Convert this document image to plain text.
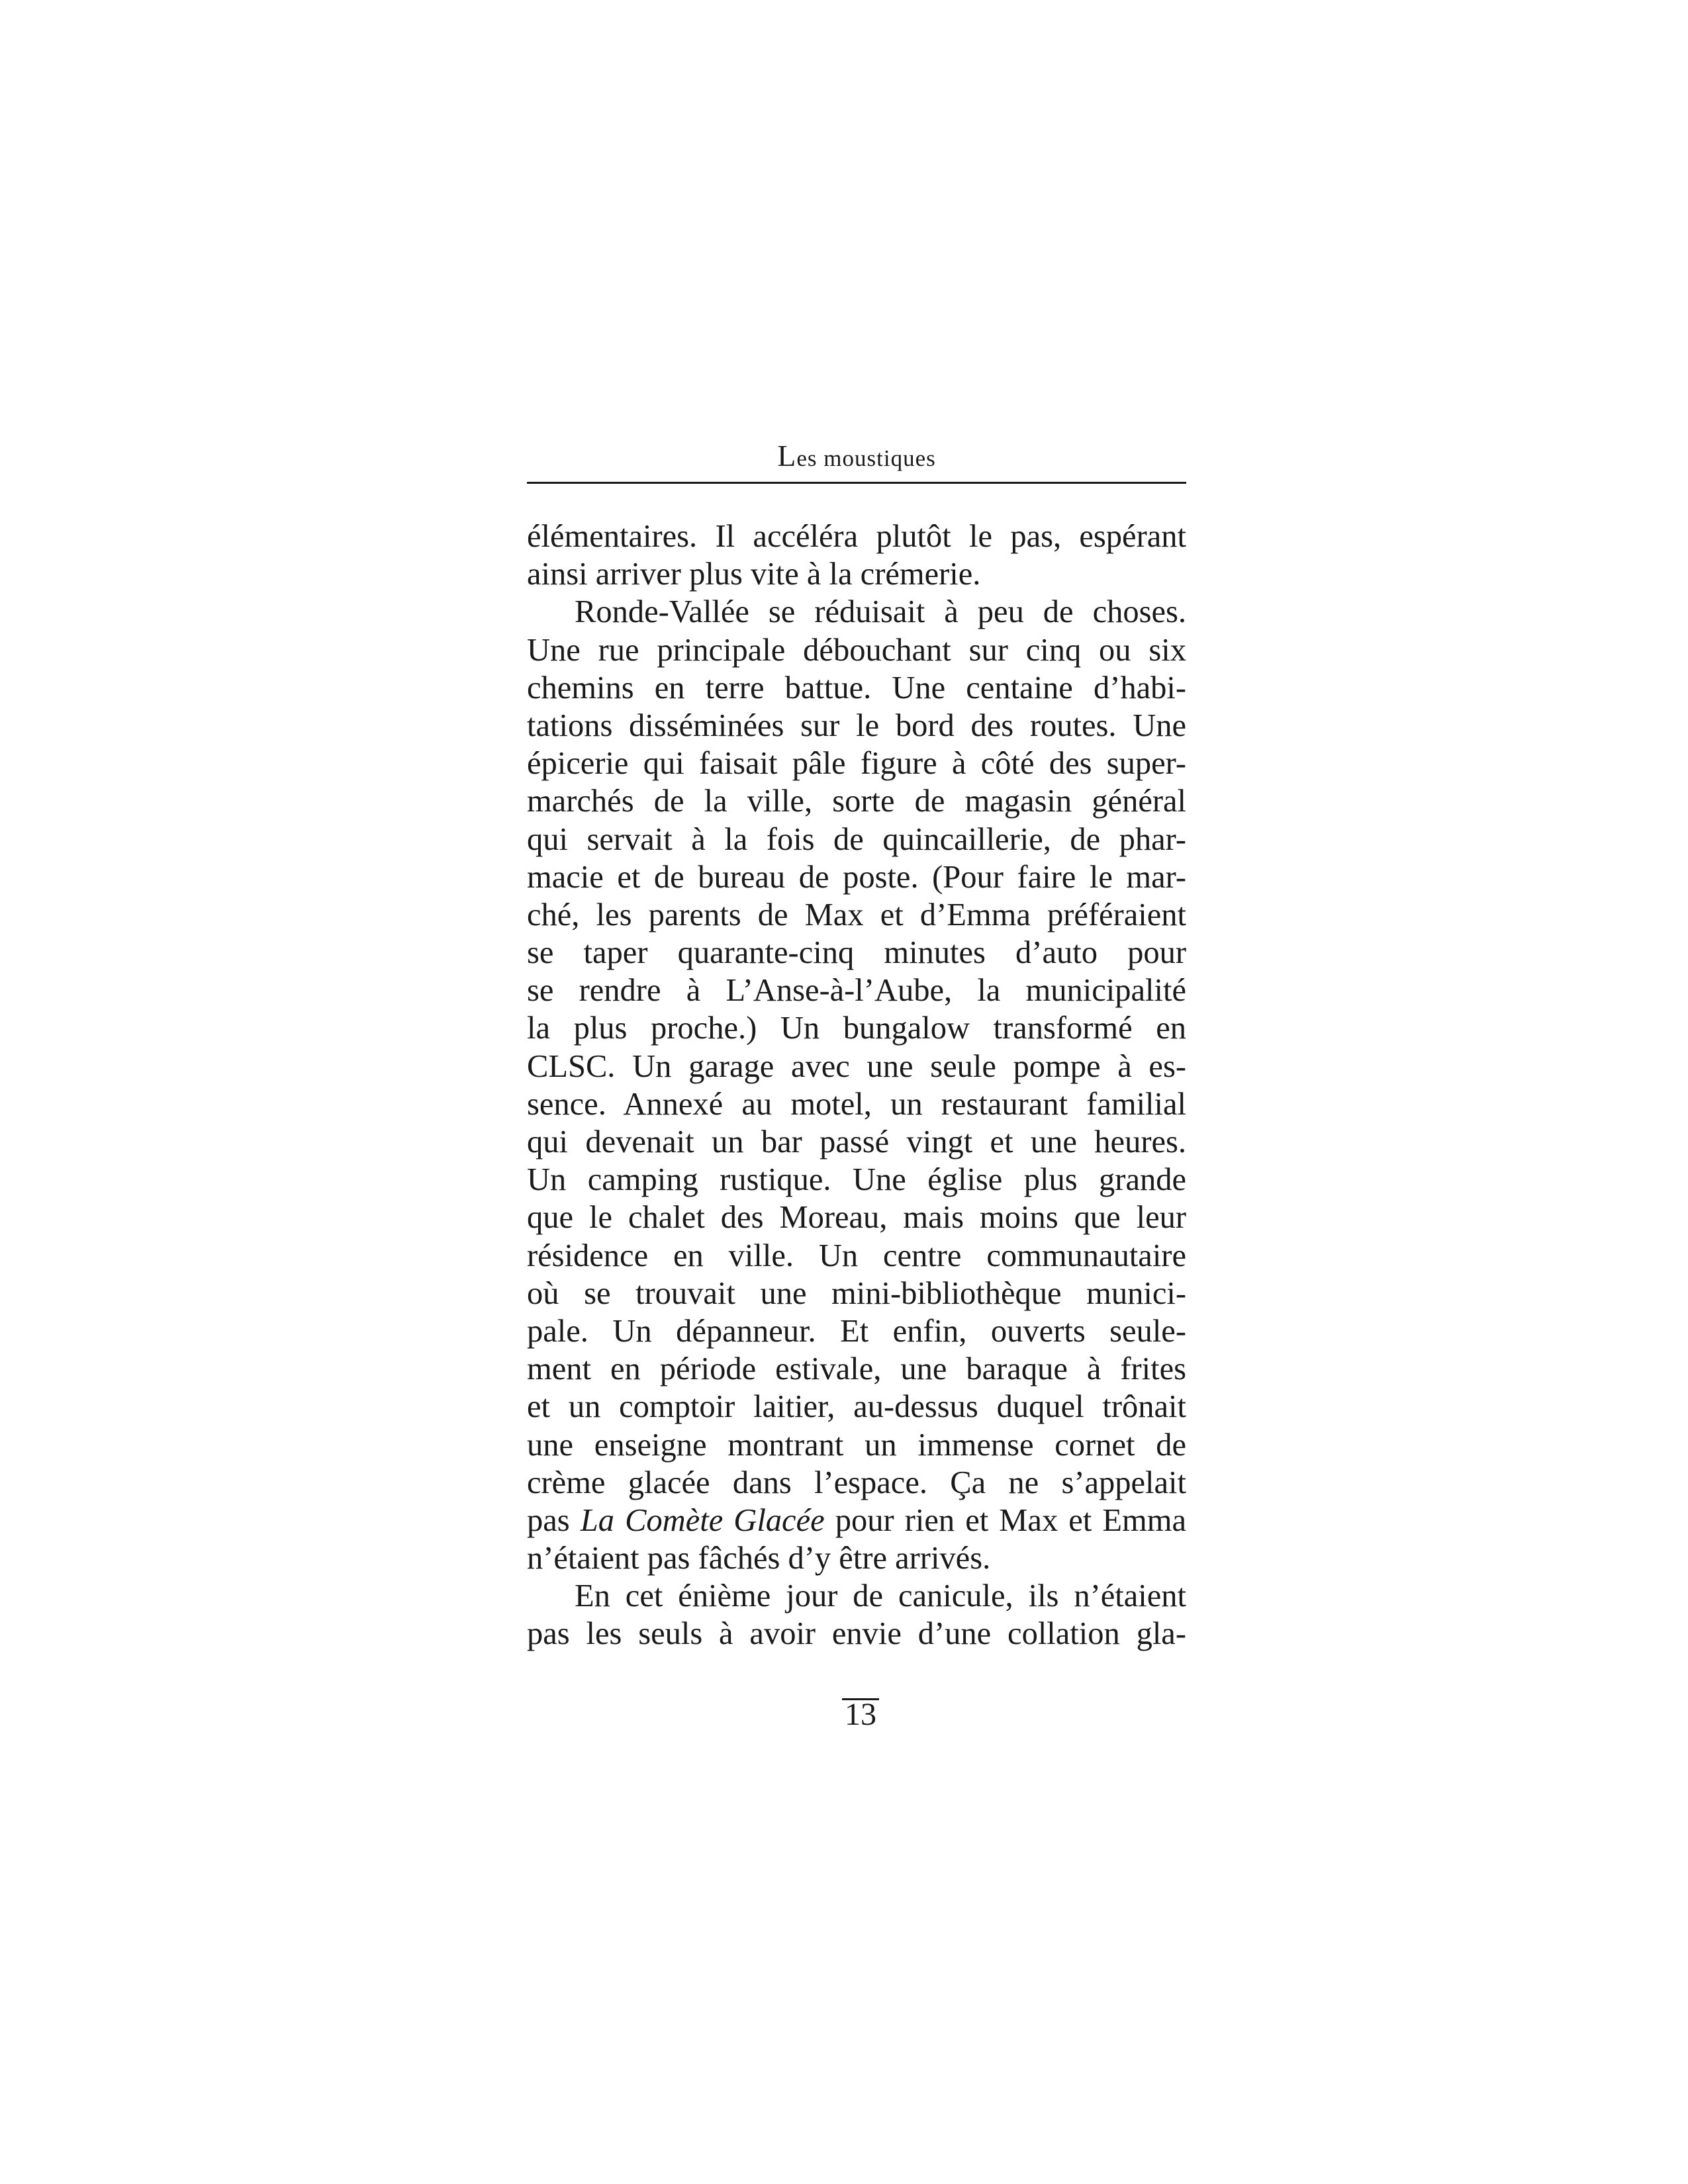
Les moustiques
élémentaires. Il accéléra plutôt le pas, espérant
ainsi arriver plus vite à la crémerie.
Ronde-Vallée se réduisait à peu de choses.
Une rue principale débouchant sur cinq ou six
chemins en terre battue. Une centaine d’habi-
tations disséminées sur le bord des routes. Une
épicerie qui faisait pâle figure à côté des super-
marchés de la ville, sorte de magasin général
qui servait à la fois de quincaillerie, de phar-
macie et de bureau de poste. (Pour faire le mar-
ché, les parents de Max et d’Emma préféraient
se taper quarante-cinq minutes d’auto pour
se rendre à L’Anse-à-l’Aube, la municipalité
la plus proche.) Un bungalow transformé en
CLSC. Un garage avec une seule pompe à es-
sence. Annexé au motel, un restaurant familial
qui devenait un bar passé vingt et une heures.
Un camping rustique. Une église plus grande
que le chalet des Moreau, mais moins que leur
résidence en ville. Un centre communautaire
où se trouvait une mini-bibliothèque munici-
pale. Un dépanneur. Et enfin, ouverts seule-
ment en période estivale, une baraque à frites
et un comptoir laitier, au-dessus duquel trônait
une enseigne montrant un immense cornet de
crème glacée dans l’espace. Ça ne s’appelait
pas La Comète Glacée pour rien et Max et Emma
n’étaient pas fâchés d’y être arrivés.
En cet énième jour de canicule, ils n’étaient
pas les seuls à avoir envie d’une collation gla-
13
